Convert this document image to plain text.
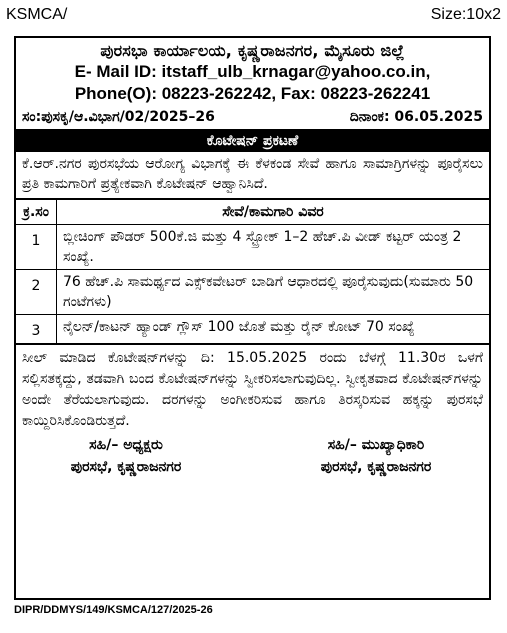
KSMCA/	Size:10x2
ಪುರಸಭಾ ಕಾರ್ಯಾಲಯ, ಕೃಷ್ಣರಾಜನಗರ, ಮೈಸೂರು ಜಿಲ್ಲೆ
E- Mail ID: itstaff_ulb_krnagar@yahoo.co.in,
Phone(O): 08223-262242, Fax: 08223-262241
ಸಂ:ಪುಸಕೃ/ಆ.ವಿಭಾಗ/02/2025–26	ದಿನಾಂಕ: 06.05.2025
ಕೊಟೇಷನ್ ಪ್ರಕಟಣೆ
ಕೆ.ಆರ್.ನಗರ ಪುರಸಭೆಯ ಆರೋಗ್ಯ ವಿಭಾಗಕ್ಕೆ ಈ ಕೆಳಕಂಡ ಸೇವೆ ಹಾಗೂ ಸಾಮಾಗ್ರಿಗಳನ್ನು ಪೂರೈಸಲು ಪ್ರತಿ ಕಾಮಗಾರಿಗೆ ಪ್ರತ್ಯೇಕವಾಗಿ ಕೊಟೇಷನ್ ಆಹ್ವಾನಿಸಿದೆ.
ಕ್ರ.ಸಂ	ಸೇವೆ/ಕಾಮಗಾರಿ ವಿವರ
1	ಬ್ಲೀಚಿಂಗ್ ಪೌಡರ್ 500ಕೆ.ಜಿ ಮತ್ತು 4 ಸ್ಟ್ರೋಕ್ 1–2 ಹೆಚ್.ಪಿ ವೀಡ್ ಕಟ್ಟರ್ ಯಂತ್ರ 2 ಸಂಖ್ಯೆ.
2	76 ಹೆಚ್.ಪಿ ಸಾಮರ್ಥ್ಯದ ಎಕ್ಸ್‌ಕವೇಟರ್ ಬಾಡಿಗೆ ಆಧಾರದಲ್ಲಿ ಪೂರೈಸುವುದು(ಸುಮಾರು 50 ಗಂಟೆಗಳು)
3	ನೈಲನ್/ಕಾಟನ್ ಹ್ಯಾಂಡ್ ಗ್ಲೌಸ್ 100 ಜೊತೆ ಮತ್ತು ರೈನ್ ಕೋಟ್ 70 ಸಂಖ್ಯೆ
ಸೀಲ್ ಮಾಡಿದ ಕೊಟೇಷನ್‌ಗಳನ್ನು ದಿ: 15.05.2025 ರಂದು ಬೆಳಗ್ಗೆ 11.30ರ ಒಳಗೆ ಸಲ್ಲಿಸತಕ್ಕದ್ದು, ತಡವಾಗಿ ಬಂದ ಕೊಟೇಷನ್‌ಗಳನ್ನು ಸ್ವೀಕರಿಸಲಾಗುವುದಿಲ್ಲ. ಸ್ವೀಕೃತವಾದ ಕೊಟೇಷನ್‌ಗಳನ್ನು ಅಂದೇ ತೆರೆಯಲಾಗುವುದು. ದರಗಳನ್ನು ಅಂಗೀಕರಿಸುವ ಹಾಗೂ ತಿರಸ್ಕರಿಸುವ ಹಕ್ಕನ್ನು ಪುರಸಭೆ ಕಾಯ್ದಿರಿಸಿಕೊಂಡಿರುತ್ತದೆ.
ಸಹಿ/– ಅಧ್ಯಕ್ಷರು
ಪುರಸಭೆ, ಕೃಷ್ಣರಾಜನಗರ
ಸಹಿ/– ಮುಖ್ಯಾಧಿಕಾರಿ
ಪುರಸಭೆ, ಕೃಷ್ಣರಾಜನಗರ
DIPR/DDMYS/149/KSMCA/127/2025-26
